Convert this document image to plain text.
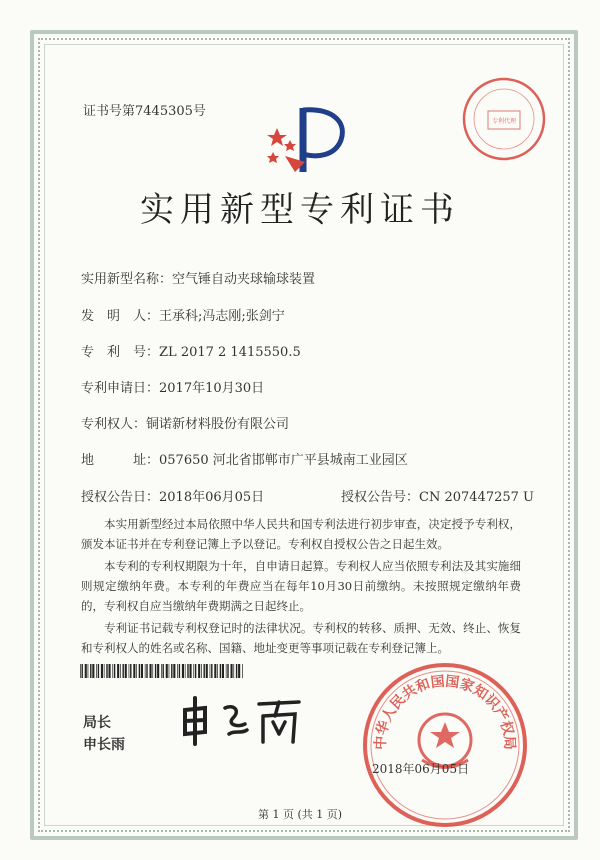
证书号第7445305号
专利代理
实用新型专利证书
实用新型名称：空气锤自动夹球输球装置
发　明　人：王承科;冯志刚;张剑宁
专　利　号：ZL 2017 2 1415550.5
专利申请日：2017年10月30日
专利权人：铜诺新材料股份有限公司
地　　　址：057650 河北省邯郸市广平县城南工业园区
授权公告日：2018年06月05日	授权公告号：CN 207447257 U
本实用新型经过本局依照中华人民共和国专利法进行初步审查，决定授予专利权，颁发本证书并在专利登记簿上予以登记。专利权自授权公告之日起生效。
本专利的专利权期限为十年，自申请日起算。专利权人应当依照专利法及其实施细则规定缴纳年费。本专利的年费应当在每年10月30日前缴纳。未按照规定缴纳年费的，专利权自应当缴纳年费期满之日起终止。
专利证书记载专利权登记时的法律状况。专利权的转移、质押、无效、终止、恢复和专利权人的姓名或名称、国籍、地址变更等事项记载在专利登记簿上。
局长
申长雨	中华人民共和国国家知识产权局
2018年06月05日
第 1 页 (共 1 页)
